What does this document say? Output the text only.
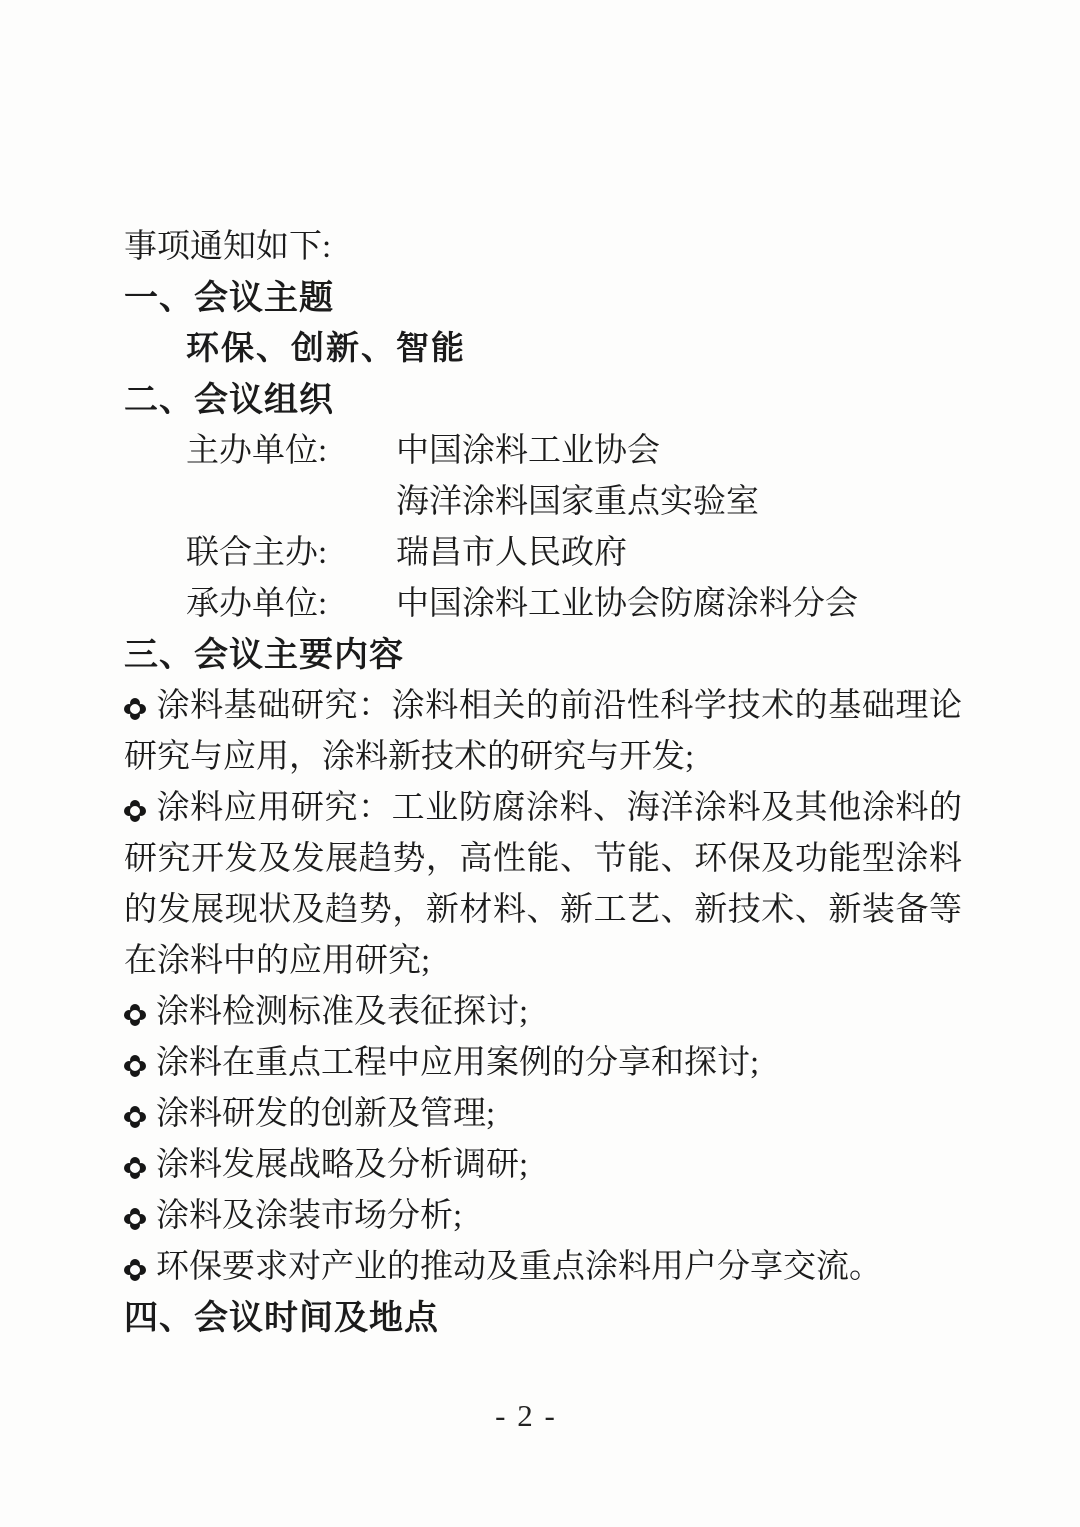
事项通知如下:

一、会议主题

环保、创新、智能

二、会议组织
主办单位: 中国涂料工业协会
海洋涂料国家重点实验室
联合主办: 瑞昌市人民政府
承办单位: 中国涂料工业协会防腐涂料分会
三、会议主要内容

涂料基础研究：涂料相关的前沿性科学技术的基础理论研究与应用，涂料新技术的研究与开发;

涂料应用研究：工业防腐涂料、海洋涂料及其他涂料的研究开发及发展趋势，高性能、节能、环保及功能型涂料的发展现状及趋势，新材料、新工艺、新技术、新装备等在涂料中的应用研究;

涂料检测标准及表征探讨;

涂料在重点工程中应用案例的分享和探讨;

涂料研发的创新及管理;

涂料发展战略及分析调研;

涂料及涂装市场分析;

环保要求对产业的推动及重点涂料用户分享交流。

四、会议时间及地点
- 2 -
